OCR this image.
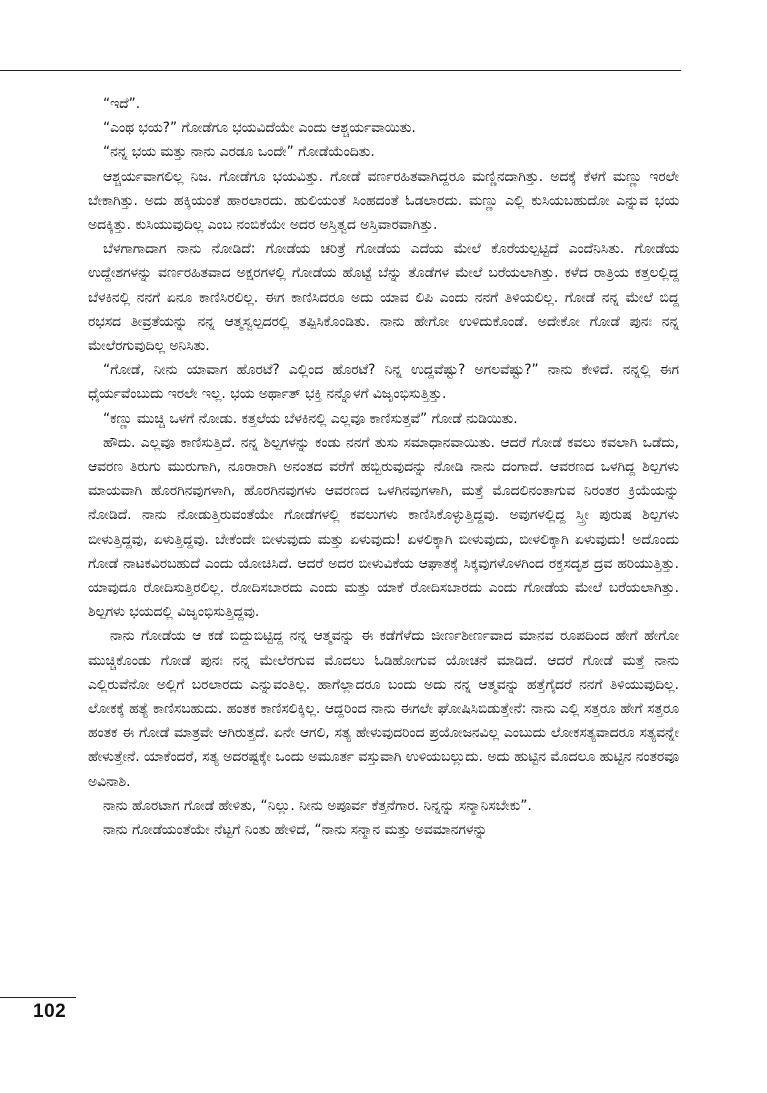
“ಇದೆ”.

“ಎಂಥ ಭಯ?” ಗೋಡೆಗೂ ಭಯವಿದೆಯೇ ಎಂದು ಆಶ್ಚರ್ಯವಾಯಿತು.

“ನನ್ನ ಭಯ ಮತ್ತು ನಾನು ಎರಡೂ ಒಂದೇ” ಗೋಡೆಯೆಂದಿತು.

ಆಶ್ಚರ್ಯವಾಗಲಿಲ್ಲ ನಿಜ. ಗೋಡೆಗೂ ಭಯವಿತ್ತು. ಗೋಡೆ ವರ್ಣರಹಿತವಾಗಿದ್ದರೂ ಮಣ್ಣಿನದಾಗಿತ್ತು. ಅದಕ್ಕೆ ಕೆಳಗೆ ಮಣ್ಣು ಇರಲೇ ಬೇಕಾಗಿತ್ತು. ಅದು ಹಕ್ಕಿಯಂತೆ ಹಾರಲಾರದು. ಹುಲಿಯಂತೆ ಸಿಂಹದಂತೆ ಓಡಲಾರದು. ಮಣ್ಣು ಎಲ್ಲಿ ಕುಸಿಯಬಹುದೋ ಎನ್ನುವ ಭಯ ಅದಕ್ಕಿತ್ತು. ಕುಸಿಯುವುದಿಲ್ಲ ಎಂಬ ನಂಬಿಕೆಯೇ ಅದರ ಅಸ್ತಿತ್ವದ ಅಸ್ತಿವಾರವಾಗಿತ್ತು.

ಬೆಳಗಾಗಾದಾಗ ನಾನು ನೋಡಿದೆ: ಗೋಡೆಯ ಚರಿತ್ರೆ ಗೋಡೆಯ ಎದೆಯ ಮೇಲೆ ಕೊರೆಯಲ್ಪಟ್ಟಿದೆ ಎಂದೆನಿಸಿತು. ಗೋಡೆಯ ಉದ್ದೇಶಗಳನ್ನು ವರ್ಣರಹಿತವಾದ ಅಕ್ಷರಗಳಲ್ಲಿ ಗೋಡೆಯ ಹೊಟ್ಟೆ ಬೆನ್ನು ತೊಡೆಗಳ ಮೇಲೆ ಬರೆಯಲಾಗಿತ್ತು. ಕಳೆದ ರಾತ್ರಿಯ ಕತ್ತಲಲ್ಲಿದ್ದ ಬೆಳಕಿನಲ್ಲಿ ನನಗೆ ಏನೂ ಕಾಣಿಸಿರಲಿಲ್ಲ. ಈಗ ಕಾಣಿಸಿದರೂ ಅದು ಯಾವ ಲಿಪಿ ಎಂದು ನನಗೆ ತಿಳಿಯಲಿಲ್ಲ. ಗೋಡೆ ನನ್ನ ಮೇಲೆ ಬಿದ್ದ ರಭಸದ ತೀವ್ರತೆಯನ್ನು ನನ್ನ ಆತ್ಮಸ್ವಲ್ಪದರಲ್ಲಿ ತಪ್ಪಿಸಿಕೊಂಡಿತು. ನಾನು ಹೇಗೋ ಉಳಿದುಕೊಂಡೆ. ಅದೇಕೋ ಗೋಡೆ ಪುನಃ ನನ್ನ ಮೇಲೆರಗುವುದಿಲ್ಲ ಅನಿಸಿತು.

“ಗೋಡೆ, ನೀನು ಯಾವಾಗ ಹೊರಟೆ? ಎಲ್ಲಿಂದ ಹೊರಟೆ? ನಿನ್ನ ಉದ್ದವೆಷ್ಟು? ಅಗಲವೆಷ್ಟು?” ನಾನು ಕೇಳಿದೆ. ನನ್ನಲ್ಲಿ ಈಗ ಧೈರ್ಯವೆಂಬುದು ಇರಲೇ ಇಲ್ಲ. ಭಯ ಅರ್ಥಾತ್ ಭಕ್ತಿ ನನ್ನೊಳಗೆ ವಿಜೃಂಭಿಸುತ್ತಿತ್ತು.

“ಕಣ್ಣು ಮುಚ್ಚಿ ಒಳಗೆ ನೋಡು. ಕತ್ತಲೆಯ ಬೆಳಕಿನಲ್ಲಿ ಎಲ್ಲವೂ ಕಾಣಿಸುತ್ತವೆ” ಗೋಡೆ ನುಡಿಯಿತು.

ಹೌದು. ಎಲ್ಲವೂ ಕಾಣಿಸುತ್ತಿದೆ. ನನ್ನ ಶಿಲ್ಪಗಳನ್ನು ಕಂಡು ನನಗೆ ತುಸು ಸಮಾಧಾನವಾಯಿತು. ಆದರೆ ಗೋಡೆ ಕವಲು ಕವಲಾಗಿ ಒಡೆದು, ಆವರಣ ತಿರುಗು ಮುರುಗಾಗಿ, ನೂರಾರಾಗಿ ಅನಂತದ ವರೆಗೆ ಹಬ್ಬಿರುವುದನ್ನು ನೋಡಿ ನಾನು ದಂಗಾದೆ. ಆವರಣದ ಒಳಗಿದ್ದ ಶಿಲ್ಪಗಳು ಮಾಯವಾಗಿ ಹೊರಗಿನವುಗಳಾಗಿ, ಹೊರಗಿನವುಗಳು ಆವರಣದ ಒಳಗಿನವುಗಳಾಗಿ, ಮತ್ತೆ ಮೊದಲಿನಂತಾಗುವ ನಿರಂತರ ಕ್ರಿಯೆಯನ್ನು ನೋಡಿದೆ. ನಾನು ನೋಡುತ್ತಿರುವಂತೆಯೇ ಗೋಡೆಗಳಲ್ಲಿ ಕವಲುಗಳು ಕಾಣಿಸಿಕೊಳ್ಳುತ್ತಿದ್ದವು. ಅವುಗಳಲ್ಲಿದ್ದ ಸ್ತ್ರೀ ಪುರುಷ ಶಿಲ್ಪಗಳು ಬೀಳುತ್ತಿದ್ದವು, ಏಳುತ್ತಿದ್ದವು. ಬೇಕೆಂದೇ ಬೀಳುವುದು ಮತ್ತು ಏಳುವುದು! ಏಳಲಿಕ್ಕಾಗಿ ಬೀಳುವುದು, ಬೀಳಲಿಕ್ಕಾಗಿ ಏಳುವುದು! ಅದೊಂದು ಗೋಡೆ ನಾಟಕವಿರಬಹುದೆ ಎಂದು ಯೋಚಿಸಿದೆ. ಆದರೆ ಅದರ ಬೀಳುವಿಕೆಯ ಆಘಾತಕ್ಕೆ ಸಿಕ್ಕವುಗಳೊಳಗಿಂದ ರಕ್ತಸದೃಶ ದ್ರವ ಹರಿಯುತ್ತಿತ್ತು. ಯಾವುದೂ ರೋದಿಸುತ್ತಿರಲಿಲ್ಲ. ರೋದಿಸಬಾರದು ಎಂದು ಮತ್ತು ಯಾಕೆ ರೋದಿಸಬಾರದು ಎಂದು ಗೋಡೆಯ ಮೇಲೆ ಬರೆಯಲಾಗಿತ್ತು. ಶಿಲ್ಪಗಳು ಭಯದಲ್ಲಿ ವಿಜೃಂಭಿಸುತ್ತಿದ್ದವು.

ನಾನು ಗೋಡೆಯ ಆ ಕಡೆ ಬಿದ್ದುಬಿಟ್ಟಿದ್ದ ನನ್ನ ಆತ್ಮವನ್ನು ಈ ಕಡೆಗೆಳೆದು ಜೀರ್ಣಶೀರ್ಣವಾದ ಮಾನವ ರೂಪದಿಂದ ಹೇಗೆ ಹೇಗೋ ಮುಚ್ಚಿಕೊಂಡು ಗೋಡೆ ಪುನಃ ನನ್ನ ಮೇಲೆರಗುವ ಮೊದಲು ಓಡಿಹೋಗುವ ಯೋಚನೆ ಮಾಡಿದೆ. ಆದರೆ ಗೋಡೆ ಮತ್ತೆ ನಾನು ಎಲ್ಲಿರುವೆನೋ ಅಲ್ಲಿಗೆ ಬರಲಾರದು ಎನ್ನುವಂತಿಲ್ಲ. ಹಾಗೆಲ್ಲಾದರೂ ಬಂದು ಅದು ನನ್ನ ಆತ್ಮವನ್ನು ಹತ್ತೆಗೈದರೆ ನನಗೆ ತಿಳಿಯುವುದಿಲ್ಲ. ಲೋಕಕ್ಕೆ ಹತ್ಯೆ ಕಾಣಿಸಬಹುದು. ಹಂತಕ ಕಾಣಿಸಲಿಕ್ಕಿಲ್ಲ. ಆದ್ದರಿಂದ ನಾನು ಈಗಲೇ ಘೋಷಿಸಿಬಿಡುತ್ತೇನೆ: ನಾನು ಎಲ್ಲಿ ಸತ್ತರೂ ಹೇಗೆ ಸತ್ತರೂ ಹಂತಕ ಈ ಗೋಡೆ ಮಾತ್ರವೇ ಆಗಿರುತ್ತದೆ. ಏನೇ ಆಗಲಿ, ಸತ್ಯ ಹೇಳುವುದರಿಂದ ಪ್ರಯೋಜನವಿಲ್ಲ ಎಂಬುದು ಲೋಕಸತ್ಯವಾದರೂ ಸತ್ಯವನ್ನೇ ಹೇಳುತ್ತೇನೆ. ಯಾಕೆಂದರೆ, ಸತ್ಯ ಅದರಷ್ಟಕ್ಕೇ ಒಂದು ಅಮೂರ್ತ ವಸ್ತುವಾಗಿ ಉಳಿಯಬಲ್ಲುದು. ಅದು ಹುಟ್ಟಿನ ಮೊದಲೂ ಹುಟ್ಟಿನ ನಂತರವೂ ಅವಿನಾಶಿ.

ನಾನು ಹೊರಟಾಗ ಗೋಡೆ ಹೇಳಿತು, “ನಿಲ್ಲು. ನೀನು ಅಪೂರ್ವ ಕೆತ್ತನೆಗಾರ. ನಿನ್ನನ್ನು ಸನ್ಮಾನಿಸಬೇಕು”.

ನಾನು ಗೋಡೆಯಂತೆಯೇ ನೆಟ್ಟಗೆ ನಿಂತು ಹೇಳಿದೆ, “ನಾನು ಸನ್ಮಾನ ಮತ್ತು ಅವಮಾನಗಳನ್ನು

102
